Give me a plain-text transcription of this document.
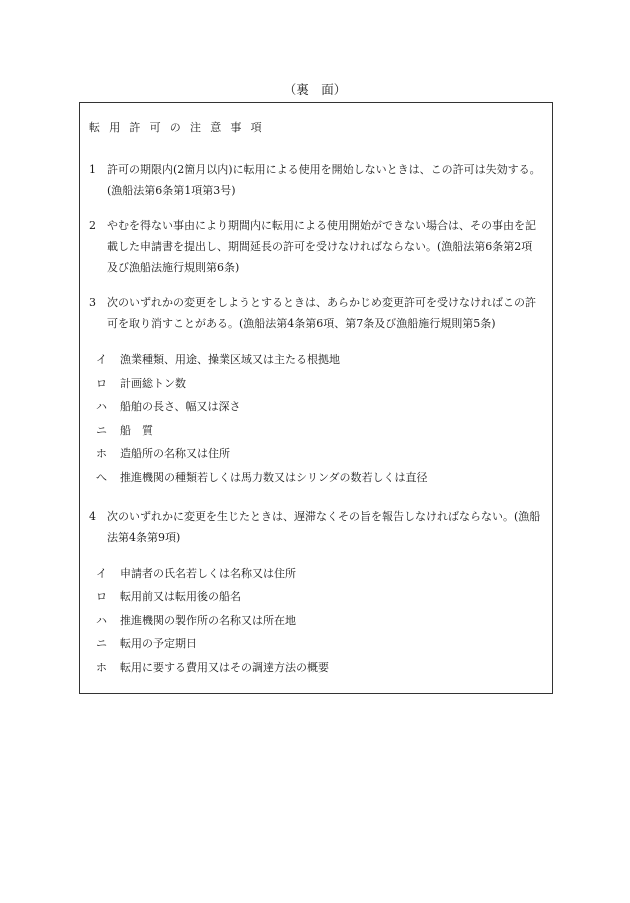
（裏　面）
転用許可の注意事項
1	許可の期限内(2箇月以内)に転用による使用を開始しないときは、この許可は失効する。(漁船法第6条第1項第3号)
2	やむを得ない事由により期間内に転用による使用開始ができない場合は、その事由を記載した申請書を提出し、期間延長の許可を受けなければならない。(漁船法第6条第2項及び漁船法施行規則第6条)
3	次のいずれかの変更をしようとするときは、あらかじめ変更許可を受けなければこの許可を取り消すことがある。(漁船法第4条第6項、第7条及び漁船施行規則第5条)
イ	漁業種類、用途、操業区域又は主たる根拠地
ロ	計画総トン数
ハ	船舶の長さ、幅又は深さ
ニ	船　質
ホ	造船所の名称又は住所
へ	推進機関の種類若しくは馬力数又はシリンダの数若しくは直径
4	次のいずれかに変更を生じたときは、遅滞なくその旨を報告しなければならない。(漁船法第4条第9項)
イ	申請者の氏名若しくは名称又は住所
ロ	転用前又は転用後の船名
ハ	推進機関の製作所の名称又は所在地
ニ	転用の予定期日
ホ	転用に要する費用又はその調達方法の概要
